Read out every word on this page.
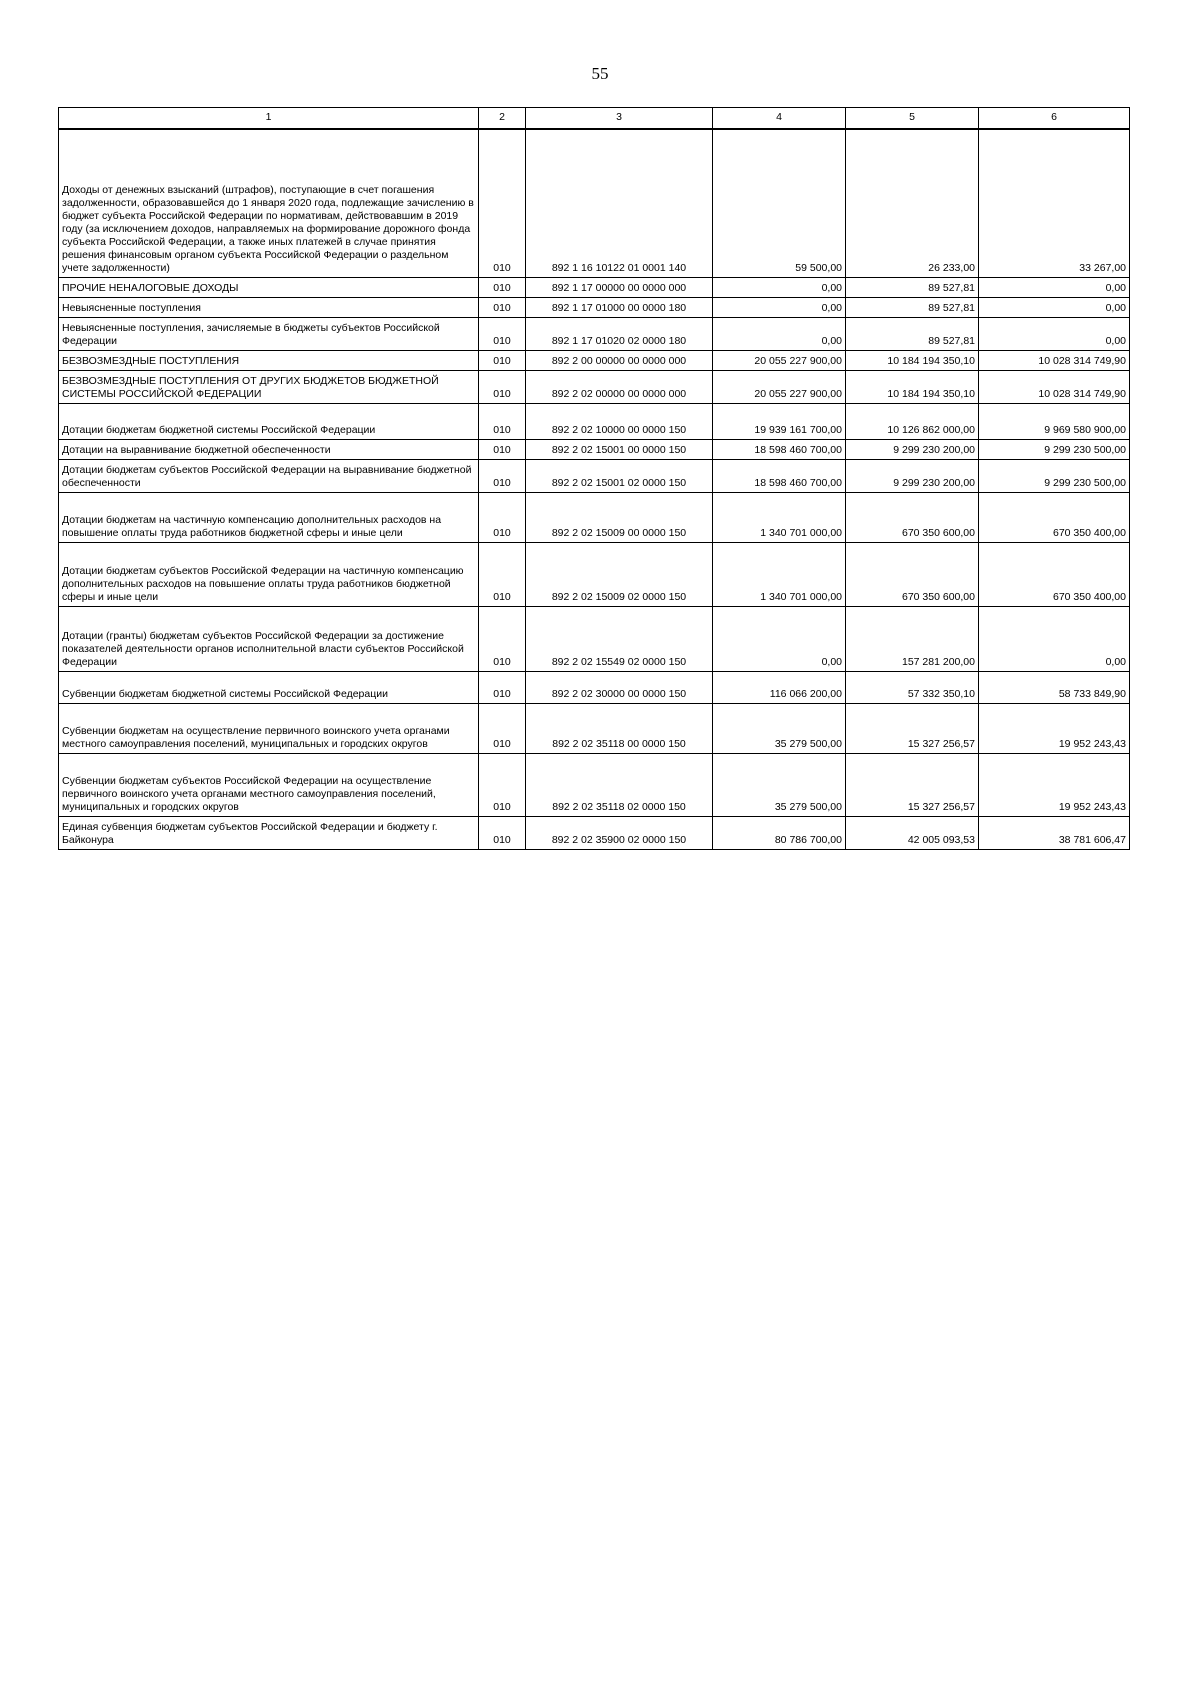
55
1	2	3	4	5	6
Доходы от денежных взысканий (штрафов), поступающие в счет погашения задолженности, образовавшейся до 1 января 2020 года, подлежащие зачислению в бюджет субъекта Российской Федерации по нормативам, действовавшим в 2019 году (за исключением доходов, направляемых на формирование дорожного фонда субъекта Российской Федерации, а также иных платежей в случае принятия решения финансовым органом субъекта Российской Федерации о раздельном учете задолженности)	010	892 1 16 10122 01 0001 140	59 500,00	26 233,00	33 267,00
ПРОЧИЕ НЕНАЛОГОВЫЕ ДОХОДЫ	010	892 1 17 00000 00 0000 000	0,00	89 527,81	0,00
Невыясненные поступления	010	892 1 17 01000 00 0000 180	0,00	89 527,81	0,00
Невыясненные поступления, зачисляемые в бюджеты субъектов Российской Федерации	010	892 1 17 01020 02 0000 180	0,00	89 527,81	0,00
БЕЗВОЗМЕЗДНЫЕ ПОСТУПЛЕНИЯ	010	892 2 00 00000 00 0000 000	20 055 227 900,00	10 184 194 350,10	10 028 314 749,90
БЕЗВОЗМЕЗДНЫЕ ПОСТУПЛЕНИЯ ОТ ДРУГИХ БЮДЖЕТОВ БЮДЖЕТНОЙ СИСТЕМЫ РОССИЙСКОЙ ФЕДЕРАЦИИ	010	892 2 02 00000 00 0000 000	20 055 227 900,00	10 184 194 350,10	10 028 314 749,90
Дотации бюджетам бюджетной системы Российской Федерации	010	892 2 02 10000 00 0000 150	19 939 161 700,00	10 126 862 000,00	9 969 580 900,00
Дотации на выравнивание бюджетной обеспеченности	010	892 2 02 15001 00 0000 150	18 598 460 700,00	9 299 230 200,00	9 299 230 500,00
Дотации бюджетам субъектов Российской Федерации на выравнивание бюджетной обеспеченности	010	892 2 02 15001 02 0000 150	18 598 460 700,00	9 299 230 200,00	9 299 230 500,00
Дотации бюджетам на частичную компенсацию дополнительных расходов на повышение оплаты труда работников бюджетной сферы и иные цели	010	892 2 02 15009 00 0000 150	1 340 701 000,00	670 350 600,00	670 350 400,00
Дотации бюджетам субъектов Российской Федерации на частичную компенсацию дополнительных расходов на повышение оплаты труда работников бюджетной сферы и иные цели	010	892 2 02 15009 02 0000 150	1 340 701 000,00	670 350 600,00	670 350 400,00
Дотации (гранты) бюджетам субъектов Российской Федерации за достижение показателей деятельности органов исполнительной власти субъектов Российской Федерации	010	892 2 02 15549 02 0000 150	0,00	157 281 200,00	0,00
Субвенции бюджетам бюджетной системы Российской Федерации	010	892 2 02 30000 00 0000 150	116 066 200,00	57 332 350,10	58 733 849,90
Субвенции бюджетам на осуществление первичного воинского учета органами местного самоуправления поселений, муниципальных и городских округов	010	892 2 02 35118 00 0000 150	35 279 500,00	15 327 256,57	19 952 243,43
Субвенции бюджетам субъектов Российской Федерации на осуществление первичного воинского учета органами местного самоуправления поселений, муниципальных и городских округов	010	892 2 02 35118 02 0000 150	35 279 500,00	15 327 256,57	19 952 243,43
Единая субвенция бюджетам субъектов Российской Федерации и бюджету г. Байконура	010	892 2 02 35900 02 0000 150	80 786 700,00	42 005 093,53	38 781 606,47
